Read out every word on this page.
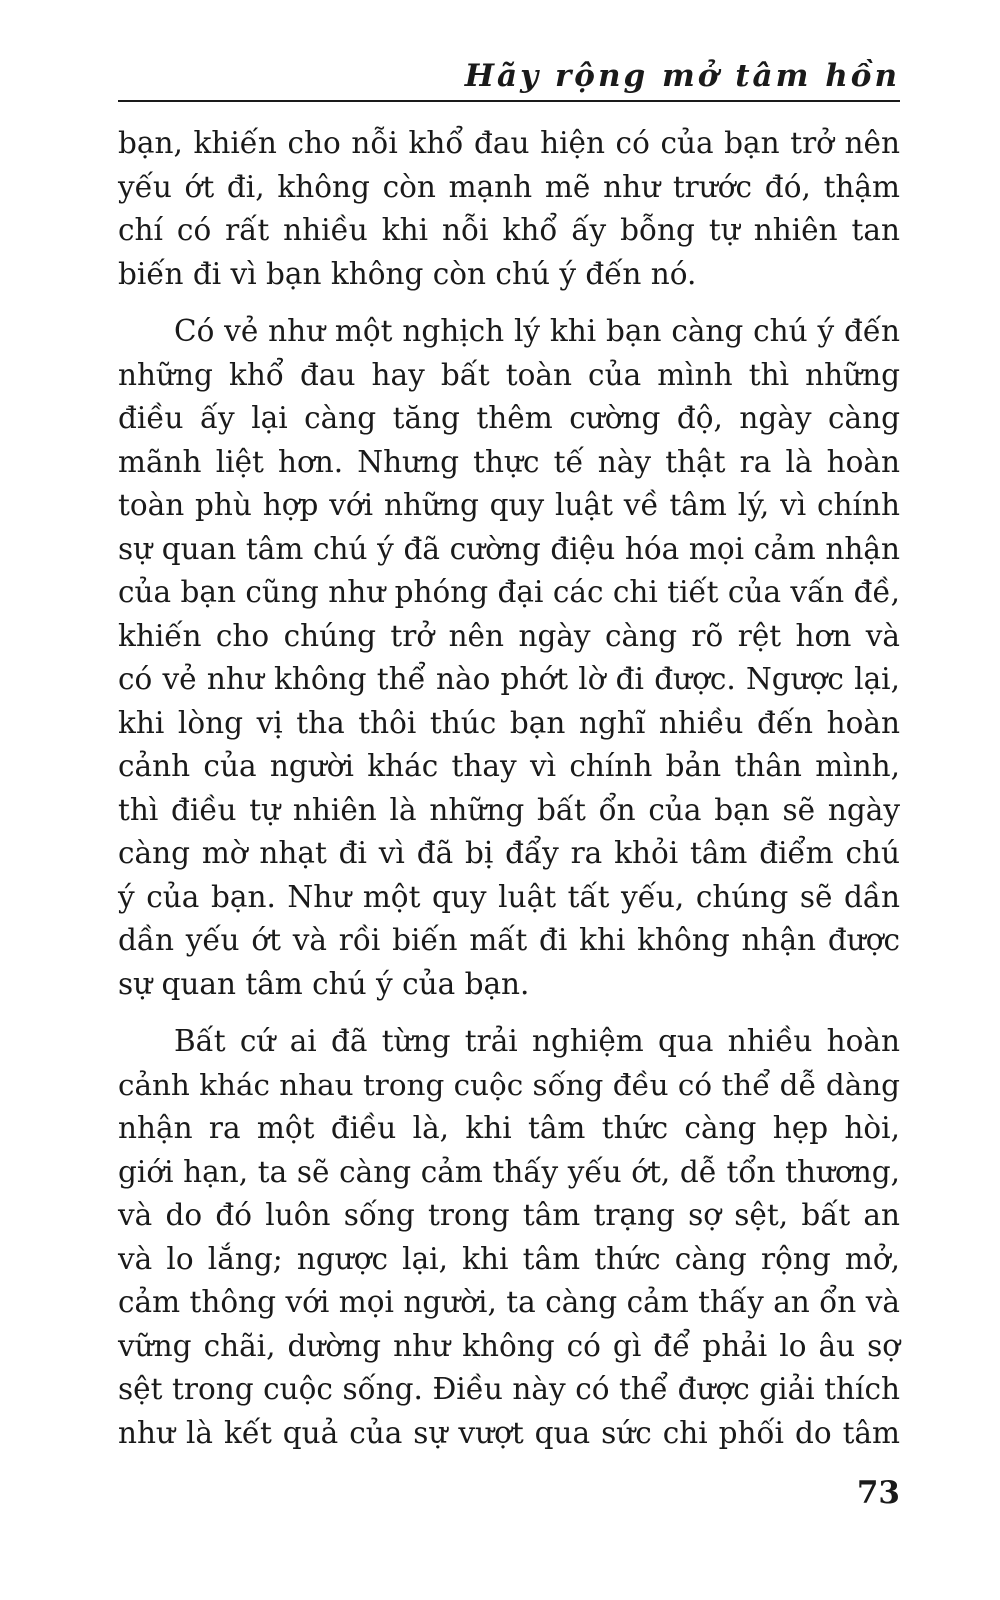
Hãy rộng mở tâm hồn
bạn, khiến cho nỗi khổ đau hiện có của bạn trở nên
yếu ớt đi, không còn mạnh mẽ như trước đó, thậm
chí có rất nhiều khi nỗi khổ ấy bỗng tự nhiên tan
biến đi vì bạn không còn chú ý đến nó.
Có vẻ như một nghịch lý khi bạn càng chú ý đến
những khổ đau hay bất toàn của mình thì những
điều ấy lại càng tăng thêm cường độ, ngày càng
mãnh liệt hơn. Nhưng thực tế này thật ra là hoàn
toàn phù hợp với những quy luật về tâm lý, vì chính
sự quan tâm chú ý đã cường điệu hóa mọi cảm nhận
của bạn cũng như phóng đại các chi tiết của vấn đề,
khiến cho chúng trở nên ngày càng rõ rệt hơn và
có vẻ như không thể nào phớt lờ đi được. Ngược lại,
khi lòng vị tha thôi thúc bạn nghĩ nhiều đến hoàn
cảnh của người khác thay vì chính bản thân mình,
thì điều tự nhiên là những bất ổn của bạn sẽ ngày
càng mờ nhạt đi vì đã bị đẩy ra khỏi tâm điểm chú
ý của bạn. Như một quy luật tất yếu, chúng sẽ dần
dần yếu ớt và rồi biến mất đi khi không nhận được
sự quan tâm chú ý của bạn.
Bất cứ ai đã từng trải nghiệm qua nhiều hoàn
cảnh khác nhau trong cuộc sống đều có thể dễ dàng
nhận ra một điều là, khi tâm thức càng hẹp hòi,
giới hạn, ta sẽ càng cảm thấy yếu ớt, dễ tổn thương,
và do đó luôn sống trong tâm trạng sợ sệt, bất an
và lo lắng; ngược lại, khi tâm thức càng rộng mở,
cảm thông với mọi người, ta càng cảm thấy an ổn và
vững chãi, dường như không có gì để phải lo âu sợ
sệt trong cuộc sống. Điều này có thể được giải thích
như là kết quả của sự vượt qua sức chi phối do tâm
73
